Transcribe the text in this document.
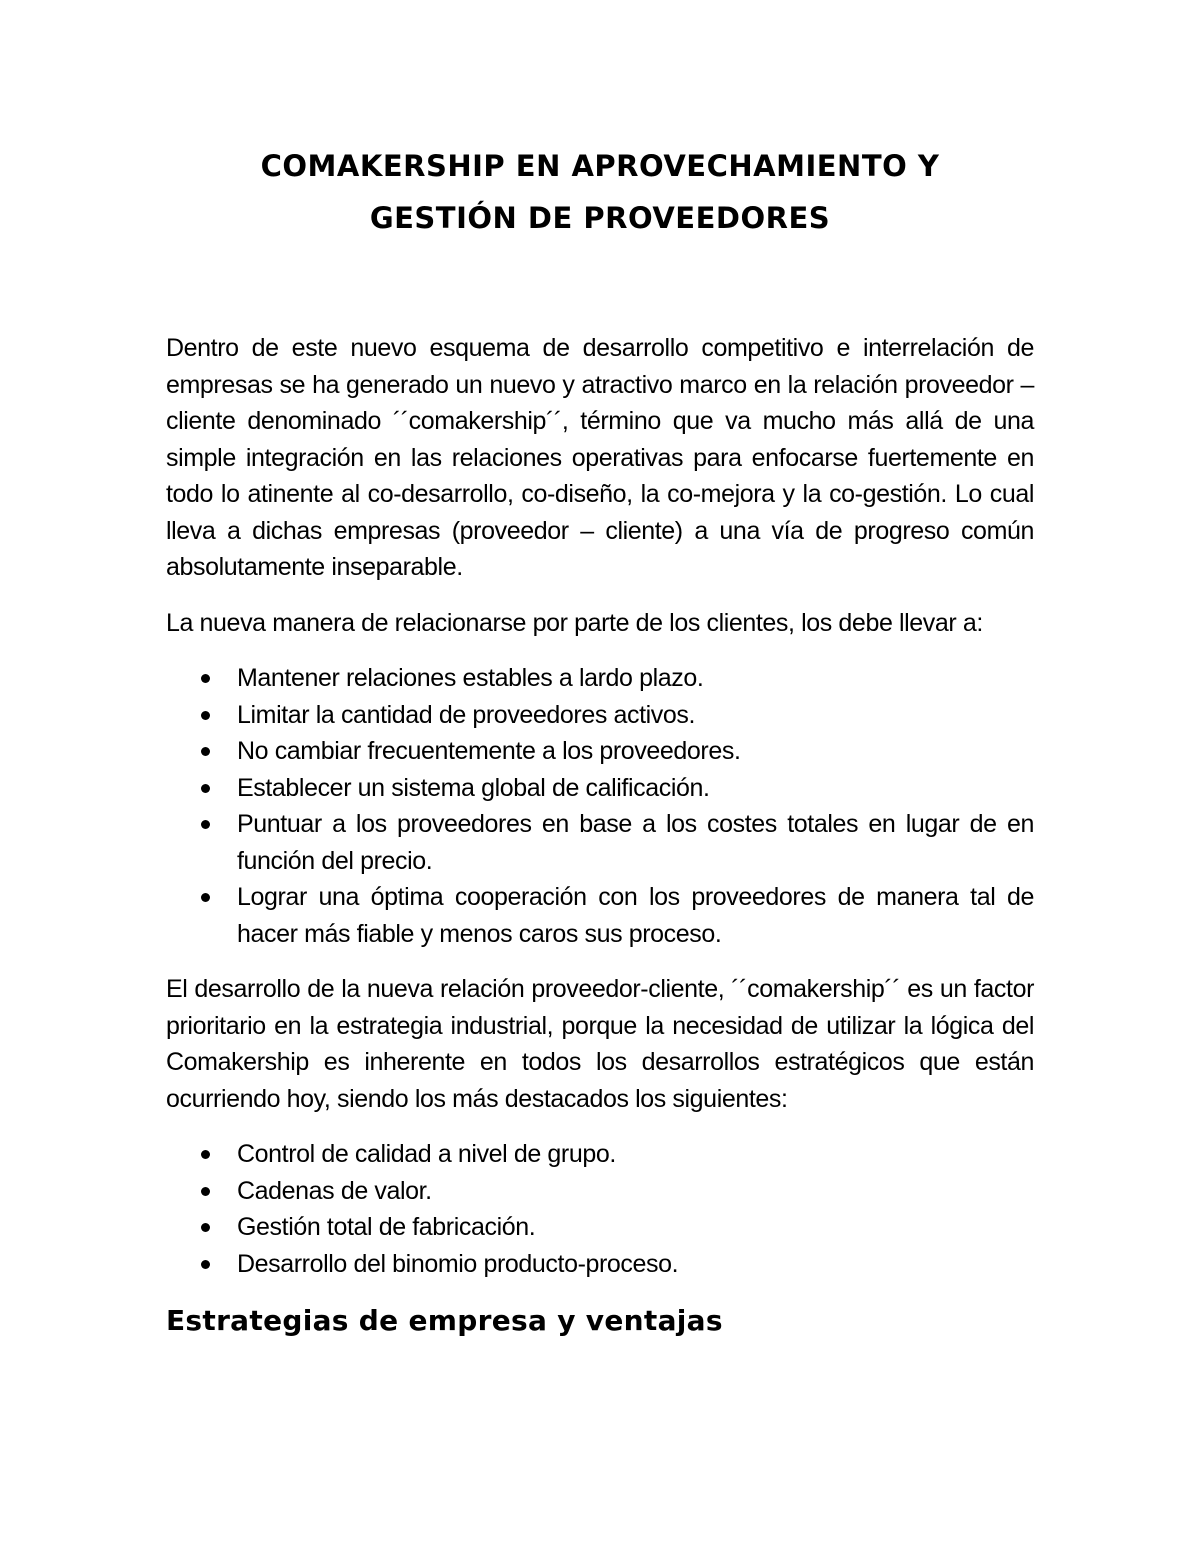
COMAKERSHIP EN APROVECHAMIENTO Y
GESTIÓN DE PROVEEDORES

Dentro de este nuevo esquema de desarrollo competitivo e interrelación de empresas se ha generado un nuevo y atractivo marco en la relación proveedor – cliente denominado ´´comakership´´, término que va mucho más allá de una simple integración en las relaciones operativas para enfocarse fuertemente en todo lo atinente al co-desarrollo, co-diseño, la co-mejora y la co-gestión. Lo cual lleva a dichas empresas (proveedor – cliente) a una vía de progreso común absolutamente inseparable.

La nueva manera de relacionarse por parte de los clientes, los debe llevar a:

Mantener relaciones estables a lardo plazo.
Limitar la cantidad de proveedores activos.
No cambiar frecuentemente a los proveedores.
Establecer un sistema global de calificación.
Puntuar a los proveedores en base a los costes totales en lugar de en función del precio.
Lograr una óptima cooperación con los proveedores de manera tal de hacer más fiable y menos caros sus proceso.

El desarrollo de la nueva relación proveedor-cliente, ´´comakership´´ es un factor prioritario en la estrategia industrial, porque la necesidad de utilizar la lógica del Comakership es inherente en todos los desarrollos estratégicos que están ocurriendo hoy, siendo los más destacados los siguientes:

Control de calidad a nivel de grupo.
Cadenas de valor.
Gestión total de fabricación.
Desarrollo del binomio producto-proceso.
Estrategias de empresa y ventajas
